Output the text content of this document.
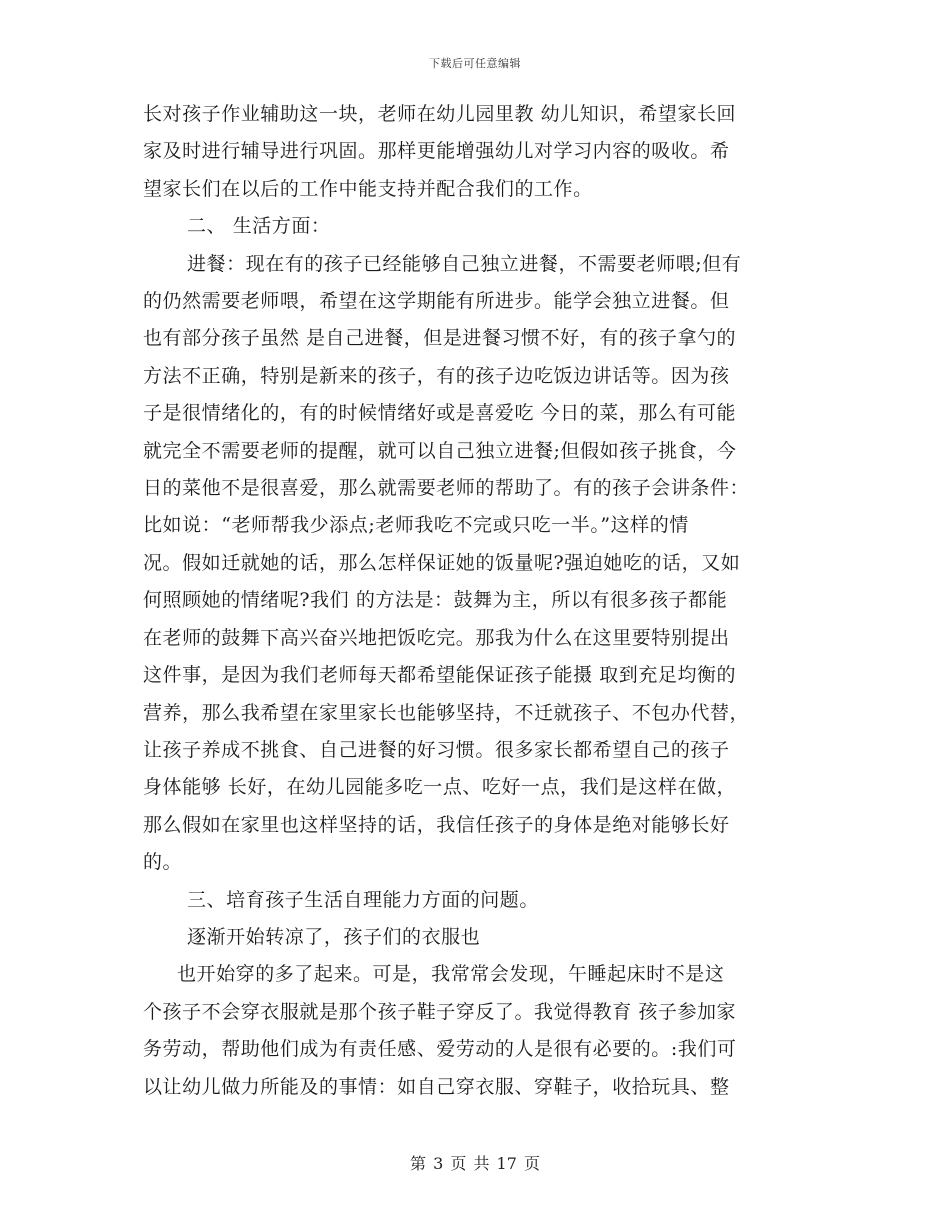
下载后可任意编辑
长对孩子作业辅助这一块，老师在幼儿园里教 幼儿知识，希望家长回
家及时进行辅导进行巩固。那样更能增强幼儿对学习内容的吸收。希
望家长们在以后的工作中能支持并配合我们的工作。
二、 生活方面：
进餐：现在有的孩子已经能够自己独立进餐，不需要老师喂;但有
的仍然需要老师喂，希望在这学期能有所进步。能学会独立进餐。但
也有部分孩子虽然 是自己进餐，但是进餐习惯不好，有的孩子拿勺的
方法不正确，特别是新来的孩子，有的孩子边吃饭边讲话等。因为孩
子是很情绪化的，有的时候情绪好或是喜爱吃 今日的菜，那么有可能
就完全不需要老师的提醒，就可以自己独立进餐;但假如孩子挑食，今
日的菜他不是很喜爱，那么就需要老师的帮助了。有的孩子会讲条件：
比如说：“老师帮我少添点;老师我吃不完或只吃一半。”这样的情
况。假如迁就她的话，那么怎样保证她的饭量呢?强迫她吃的话，又如
何照顾她的情绪呢?我们 的方法是：鼓舞为主，所以有很多孩子都能
在老师的鼓舞下高兴奋兴地把饭吃完。那我为什么在这里要特别提出
这件事，是因为我们老师每天都希望能保证孩子能摄 取到充足均衡的
营养，那么我希望在家里家长也能够坚持，不迁就孩子、不包办代替，
让孩子养成不挑食、自己进餐的好习惯。很多家长都希望自己的孩子
身体能够 长好，在幼儿园能多吃一点、吃好一点，我们是这样在做，
那么假如在家里也这样坚持的话，我信任孩子的身体是绝对能够长好
的。
三、培育孩子生活自理能力方面的问题。
逐渐开始转凉了，孩子们的衣服也
也开始穿的多了起来。可是，我常常会发现，午睡起床时不是这
个孩子不会穿衣服就是那个孩子鞋子穿反了。我觉得教育 孩子参加家
务劳动，帮助他们成为有责任感、爱劳动的人是很有必要的。:我们可
以让幼儿做力所能及的事情：如自己穿衣服、穿鞋子，收拾玩具、整
第 3 页 共 17 页
